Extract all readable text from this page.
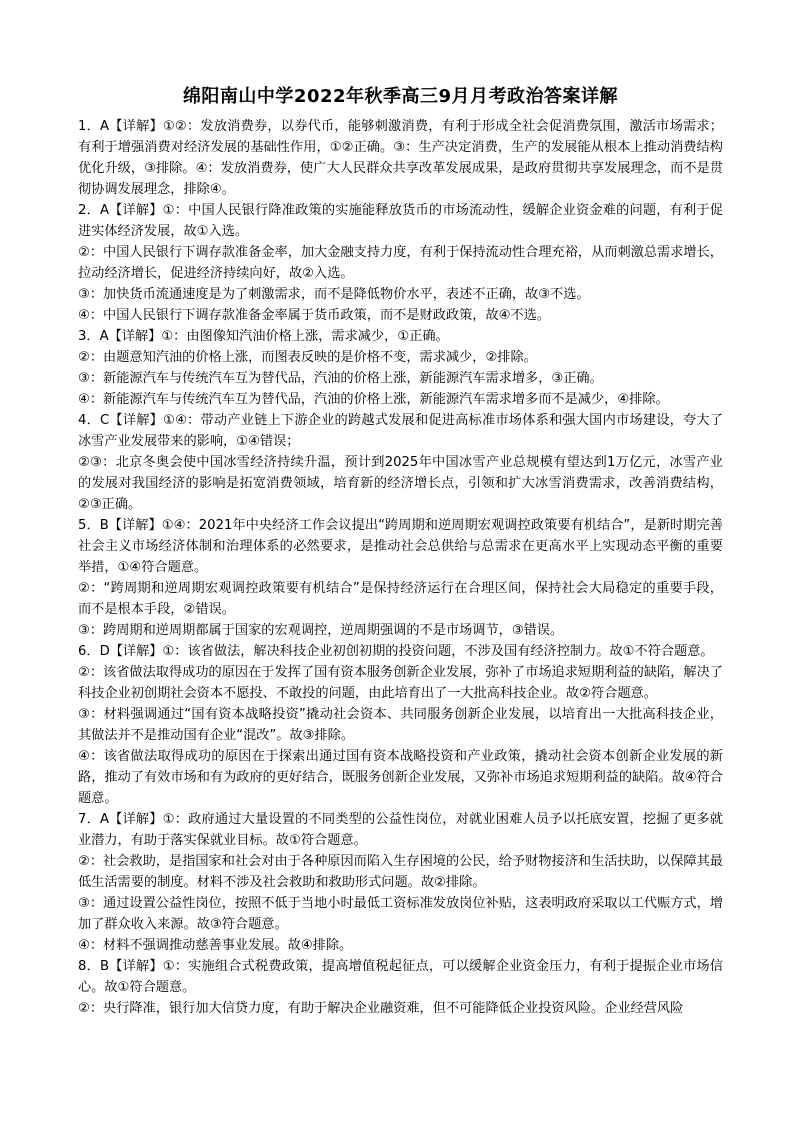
绵阳南山中学2022年秋季高三9月月考政治答案详解

1．A【详解】①②：发放消费券，以券代币，能够刺激消费，有利于形成全社会促消费氛围，激活市场需求；有利于增强消费对经济发展的基础性作用，①②正确。③：生产决定消费，生产的发展能从根本上推动消费结构优化升级，③排除。④：发放消费券，使广大人民群众共享改革发展成果，是政府贯彻共享发展理念，而不是贯彻协调发展理念，排除④。

2．A【详解】①：中国人民银行降准政策的实施能释放货币的市场流动性，缓解企业资金难的问题，有利于促进实体经济发展，故①入选。

②：中国人民银行下调存款准备金率，加大金融支持力度，有利于保持流动性合理充裕，从而刺激总需求增长，拉动经济增长，促进经济持续向好，故②入选。

③：加快货币流通速度是为了刺激需求，而不是降低物价水平，表述不正确，故③不选。

④：中国人民银行下调存款准备金率属于货币政策，而不是财政政策，故④不选。

3．A【详解】①：由图像知汽油价格上涨，需求减少，①正确。

②：由题意知汽油的价格上涨，而图表反映的是价格不变，需求减少，②排除。

③：新能源汽车与传统汽车互为替代品，汽油的价格上涨，新能源汽车需求增多，③正确。

④：新能源汽车与传统汽车互为替代品，汽油的价格上涨，新能源汽车需求增多而不是减少，④排除。

4．C【详解】①④：带动产业链上下游企业的跨越式发展和促进高标准市场体系和强大国内市场建设，夸大了冰雪产业发展带来的影响，①④错误；

②③：北京冬奥会使中国冰雪经济持续升温，预计到2025年中国冰雪产业总规模有望达到1万亿元，冰雪产业的发展对我国经济的影响是拓宽消费领域，培育新的经济增长点，引领和扩大冰雪消费需求，改善消费结构，②③正确。

5．B【详解】①④：2021年中央经济工作会议提出“跨周期和逆周期宏观调控政策要有机结合”，是新时期完善社会主义市场经济体制和治理体系的必然要求，是推动社会总供给与总需求在更高水平上实现动态平衡的重要举措，①④符合题意。

②：“跨周期和逆周期宏观调控政策要有机结合”是保持经济运行在合理区间，保持社会大局稳定的重要手段，而不是根本手段，②错误。

③：跨周期和逆周期都属于国家的宏观调控，逆周期强调的不是市场调节，③错误。

6．D【详解】①：该省做法，解决科技企业初创初期的投资问题，不涉及国有经济控制力。故①不符合题意。

②：该省做法取得成功的原因在于发挥了国有资本服务创新企业发展，弥补了市场追求短期利益的缺陷，解决了科技企业初创期社会资本不愿投、不敢投的问题，由此培育出了一大批高科技企业。故②符合题意。

③：材料强调通过“国有资本战略投资”撬动社会资本、共同服务创新企业发展，以培育出一大批高科技企业，其做法并不是推动国有企业“混改”。故③排除。

④：该省做法取得成功的原因在于探索出通过国有资本战略投资和产业政策，撬动社会资本创新企业发展的新路，推动了有效市场和有为政府的更好结合，既服务创新企业发展，又弥补市场追求短期利益的缺陷。故④符合题意。

7．A【详解】①：政府通过大量设置的不同类型的公益性岗位，对就业困难人员予以托底安置，挖掘了更多就业潜力，有助于落实保就业目标。故①符合题意。

②：社会救助，是指国家和社会对由于各种原因而陷入生存困境的公民，给予财物接济和生活扶助，以保障其最低生活需要的制度。材料不涉及社会救助和救助形式问题。故②排除。

③：通过设置公益性岗位，按照不低于当地小时最低工资标准发放岗位补贴，这表明政府采取以工代赈方式，增加了群众收入来源。故③符合题意。

④：材料不强调推动慈善事业发展。故④排除。

8．B【详解】①：实施组合式税费政策，提高增值税起征点，可以缓解企业资金压力，有利于提振企业市场信心。故①符合题意。

②：央行降准，银行加大信贷力度，有助于解决企业融资难，但不可能降低企业投资风险。企业经营风险
